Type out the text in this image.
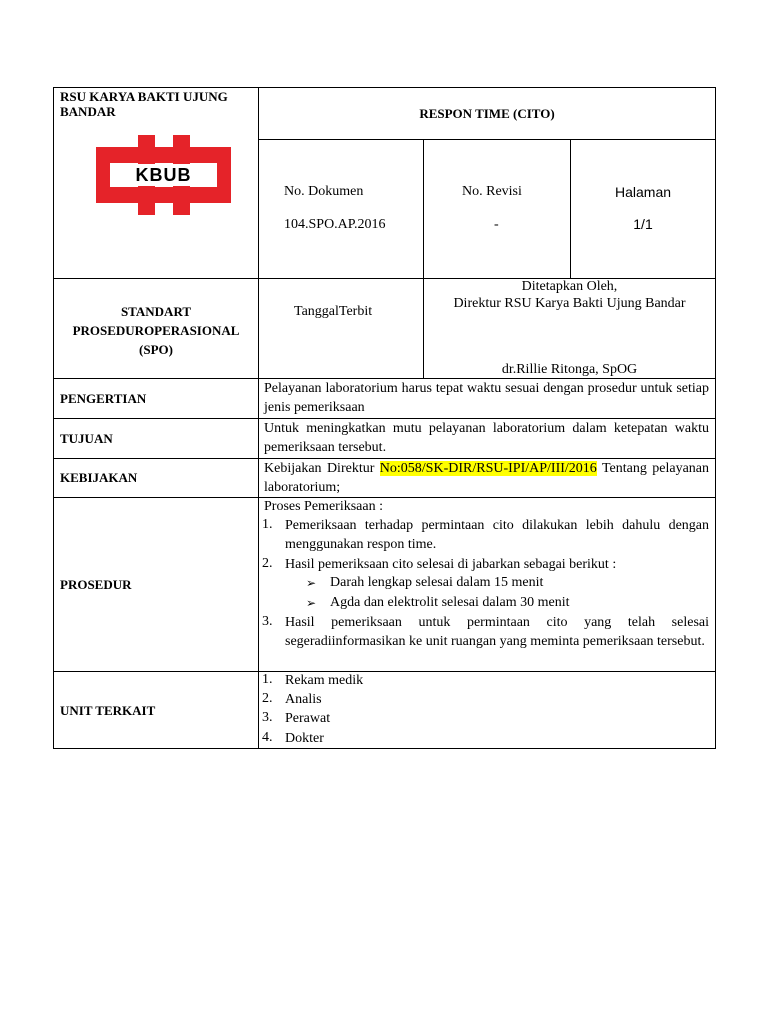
RSU KARYA BAKTI UJUNG BANDAR
KBUB
RESPON TIME (CITO)
No. Dokumen
104.SPO.AP.2016
No. Revisi
-
Halaman
1/1
STANDART
PROSEDUROPERASIONAL
(SPO)
TanggalTerbit
Ditetapkan Oleh,
Direktur RSU Karya Bakti Ujung Bandar
dr.Rillie Ritonga, SpOG
PENGERTIAN
Pelayanan laboratorium harus tepat waktu sesuai dengan prosedur untuk setiap jenis pemeriksaan
TUJUAN
Untuk meningkatkan mutu pelayanan laboratorium dalam ketepatan waktu pemeriksaan tersebut.
KEBIJAKAN
Kebijakan Direktur No:058/SK-DIR/RSU-IPI/AP/III/2016 Tentang pelayanan laboratorium;
PROSEDUR
Proses Pemeriksaan :
1. Pemeriksaan terhadap permintaan cito dilakukan lebih dahulu dengan menggunakan respon time.
2. Hasil pemeriksaan cito selesai di jabarkan sebagai berikut :
➢ Darah lengkap selesai dalam 15 menit
➢ Agda dan elektrolit selesai dalam 30 menit
3. Hasil pemeriksaan untuk permintaan cito yang telah selesai segeradiinformasikan ke unit ruangan yang meminta pemeriksaan tersebut.
UNIT TERKAIT
1. Rekam medik
2. Analis
3. Perawat
4. Dokter
